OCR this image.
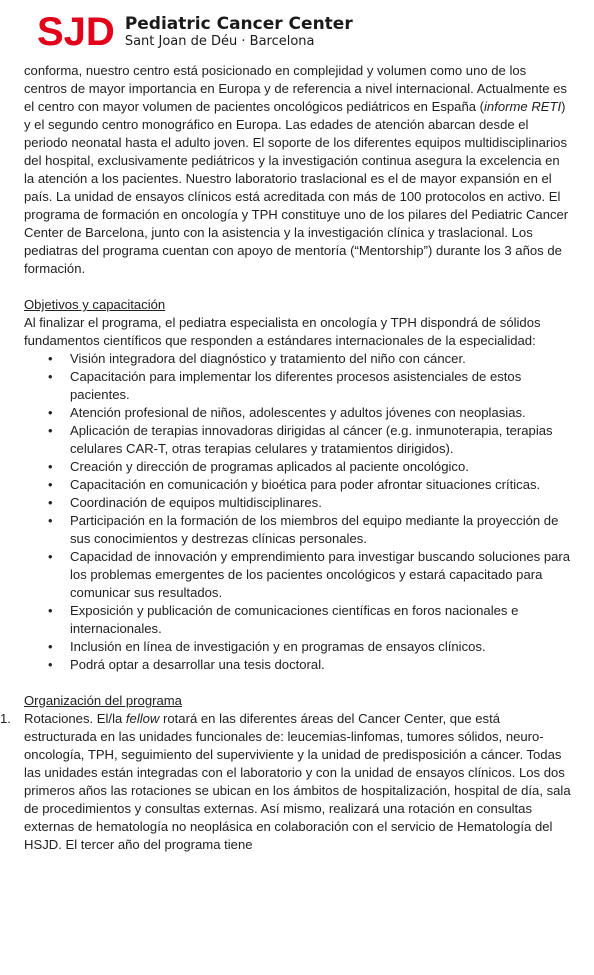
SJD Pediatric Cancer Center
Sant Joan de Déu · Barcelona

conforma, nuestro centro está posicionado en complejidad y volumen como uno de los centros de mayor importancia en Europa y de referencia a nivel internacional. Actualmente es el centro con mayor volumen de pacientes oncológicos pediátricos en España (informe RETI) y el segundo centro monográfico en Europa. Las edades de atención abarcan desde el periodo neonatal hasta el adulto joven. El soporte de los diferentes equipos multidisciplinarios del hospital, exclusivamente pediátricos y la investigación continua asegura la excelencia en la atención a los pacientes. Nuestro laboratorio traslacional es el de mayor expansión en el país. La unidad de ensayos clínicos está acreditada con más de 100 protocolos en activo. El programa de formación en oncología y TPH constituye uno de los pilares del Pediatric Cancer Center de Barcelona, junto con la asistencia y la investigación clínica y traslacional. Los pediatras del programa cuentan con apoyo de mentoría (“Mentorship”) durante los 3 años de formación.

Objetivos y capacitación

Al finalizar el programa, el pediatra especialista en oncología y TPH dispondrá de sólidos fundamentos científicos que responden a estándares internacionales de la especialidad:

• Visión integradora del diagnóstico y tratamiento del niño con cáncer.
• Capacitación para implementar los diferentes procesos asistenciales de estos pacientes.
• Atención profesional de niños, adolescentes y adultos jóvenes con neoplasias.
• Aplicación de terapias innovadoras dirigidas al cáncer (e.g. inmunoterapia, terapias celulares CAR-T, otras terapias celulares y tratamientos dirigidos).
• Creación y dirección de programas aplicados al paciente oncológico.
• Capacitación en comunicación y bioética para poder afrontar situaciones críticas.
• Coordinación de equipos multidisciplinares.
• Participación en la formación de los miembros del equipo mediante la proyección de sus conocimientos y destrezas clínicas personales.
• Capacidad de innovación y emprendimiento para investigar buscando soluciones para los problemas emergentes de los pacientes oncológicos y estará capacitado para comunicar sus resultados.
• Exposición y publicación de comunicaciones científicas en foros nacionales e internacionales.
• Inclusión en línea de investigación y en programas de ensayos clínicos.
• Podrá optar a desarrollar una tesis doctoral.

Organización del programa

1. Rotaciones. El/la fellow rotará en las diferentes áreas del Cancer Center, que está estructurada en las unidades funcionales de: leucemias-linfomas, tumores sólidos, neuro-oncología, TPH, seguimiento del superviviente y la unidad de predisposición a cáncer. Todas las unidades están integradas con el laboratorio y con la unidad de ensayos clínicos. Los dos primeros años las rotaciones se ubican en los ámbitos de hospitalización, hospital de día, sala de procedimientos y consultas externas. Así mismo, realizará una rotación en consultas externas de hematología no neoplásica en colaboración con el servicio de Hematología del HSJD. El tercer año del programa tiene
